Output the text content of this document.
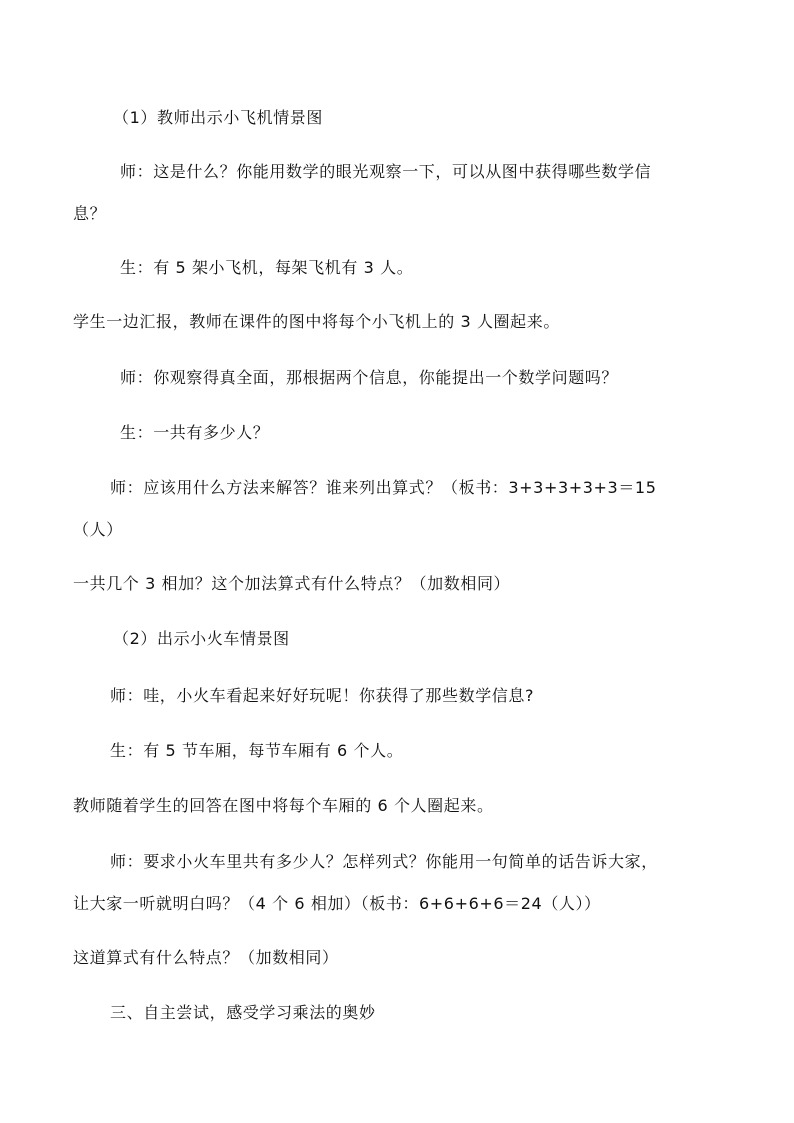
（1）教师出示小飞机情景图
师：这是什么？你能用数学的眼光观察一下，可以从图中获得哪些数学信
息？
生：有 5 架小飞机，每架飞机有 3 人。
学生一边汇报，教师在课件的图中将每个小飞机上的 3 人圈起来。
师：你观察得真全面，那根据两个信息，你能提出一个数学问题吗？
生：一共有多少人？
师：应该用什么方法来解答？谁来列出算式？（板书：3+3+3+3+3＝15
（人）
一共几个 3 相加？这个加法算式有什么特点？（加数相同）
（2）出示小火车情景图
师：哇，小火车看起来好好玩呢！你获得了那些数学信息?
生：有 5 节车厢，每节车厢有 6 个人。
教师随着学生的回答在图中将每个车厢的 6 个人圈起来。
师：要求小火车里共有多少人？怎样列式？你能用一句简单的话告诉大家，
让大家一听就明白吗？（4 个 6 相加）（板书：6+6+6+6＝24（人））
这道算式有什么特点？（加数相同）
三、自主尝试，感受学习乘法的奥妙
